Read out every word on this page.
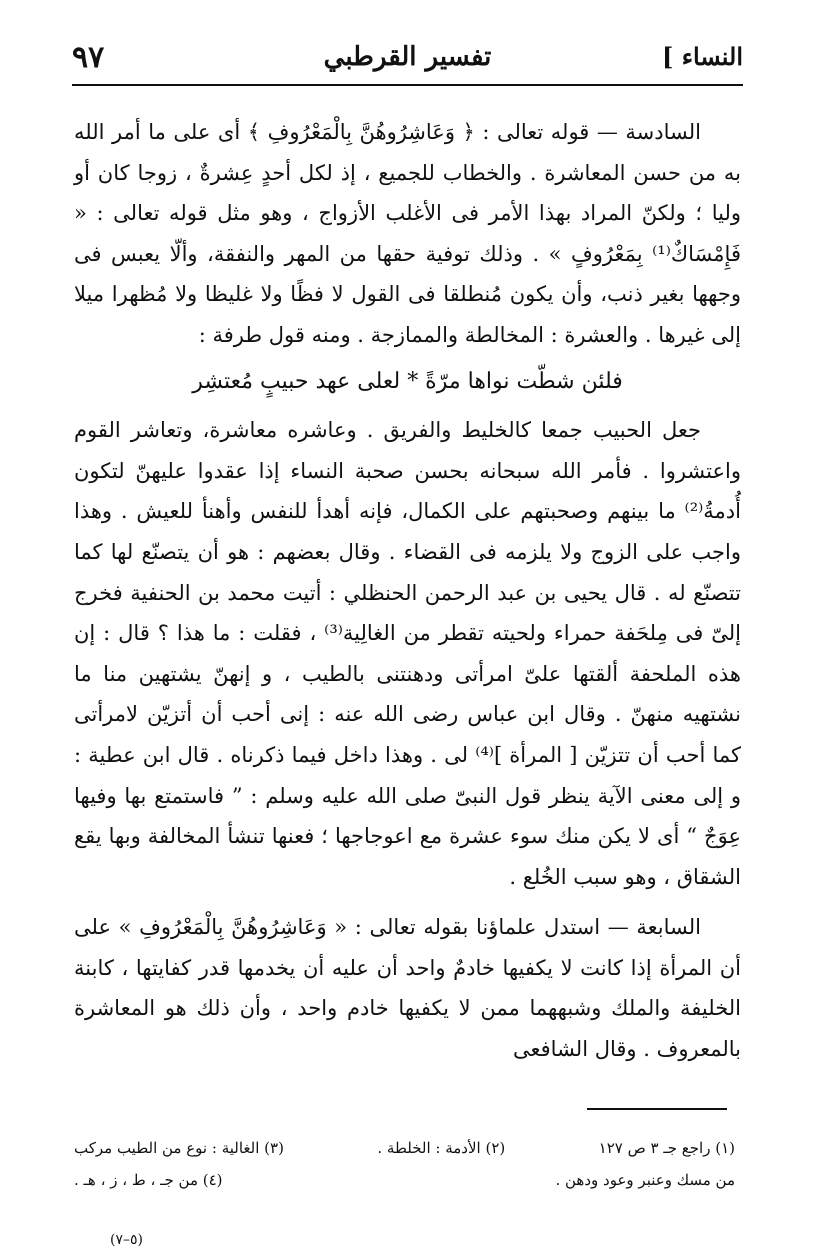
٩٧	تفسير القرطبي	النساء ]

السادسة — قوله تعالى : ﴿ وَعَاشِرُوهُنَّ بِالْمَعْرُوفِ ﴾ أى على ما أمر الله به من حسن المعاشرة . والخطاب للجميع ، إذ لكل أحدٍ عِشرةٌ ، زوجا كان أو وليا ؛ ولكنّ المراد بهذا الأمر فى الأغلب الأزواج ، وهو مثل قوله تعالى : « فَإِمْسَاكٌ⁽¹⁾ بِمَعْرُوفٍ » . وذلك توفية حقها من المهر والنفقة، وألّا يعبس فى وجهها بغير ذنب، وأن يكون مُنطلقا فى القول لا فظًا ولا غليظا ولا مُظهرا ميلا إلى غيرها . والعشرة : المخالطة والممازجة . ومنه قول طرفة :

فلئن شطّت نواها مرّةً * لعلى عهد حبيبٍ مُعتشِر

جعل الحبيب جمعا كالخليط والفريق . وعاشره معاشرة، وتعاشر القوم واعتشروا . فأمر الله سبحانه بحسن صحبة النساء إذا عقدوا عليهنّ لتكون أُدمةُ⁽²⁾ ما بينهم وصحبتهم على الكمال، فإنه أهدأ للنفس وأهنأ للعيش . وهذا واجب على الزوج ولا يلزمه فى القضاء . وقال بعضهم : هو أن يتصنّع لها كما تتصنّع له . قال يحيى بن عبد الرحمن الحنظلي : أتيت محمد بن الحنفية فخرج إلىّ فى مِلحَفة حمراء ولحيته تقطر من الغالِية⁽³⁾ ، فقلت : ما هذا ؟ قال : إن هذه الملحفة ألقتها علىّ امرأتى ودهنتنى بالطيب ، و إنهنّ يشتهين منا ما نشتهيه منهنّ . وقال ابن عباس رضى الله عنه : إنى أحب أن أتزيّن لامرأتى كما أحب أن تتزيّن [ المرأة ]⁽⁴⁾ لى . وهذا داخل فيما ذكرناه . قال ابن عطية : و إلى معنى الآية ينظر قول النبىّ صلى الله عليه وسلم : ” فاستمتع بها وفيها عِوَجٌ “ أى لا يكن منك سوء عشرة مع اعوجاجها ؛ فعنها تنشأ المخالفة وبها يقع الشقاق ، وهو سبب الخُلع .

السابعة — استدل علماؤنا بقوله تعالى : « وَعَاشِرُوهُنَّ بِالْمَعْرُوفِ » على أن المرأة إذا كانت لا يكفيها خادمٌ واحد أن عليه أن يخدمها قدر كفايتها ، كابنة الخليفة والملك وشبههما ممن لا يكفيها خادم واحد ، وأن ذلك هو المعاشرة بالمعروف . وقال الشافعى

(١) راجع جـ ٣ ص ١٢٧
(٢) الأدمة : الخلطة .
(٣) الغالية : نوع من الطيب مركب
من مسك وعنبر وعود ودهن .
(٤) من جـ ، ط ، ز ، هـ .
(٥–٧)
